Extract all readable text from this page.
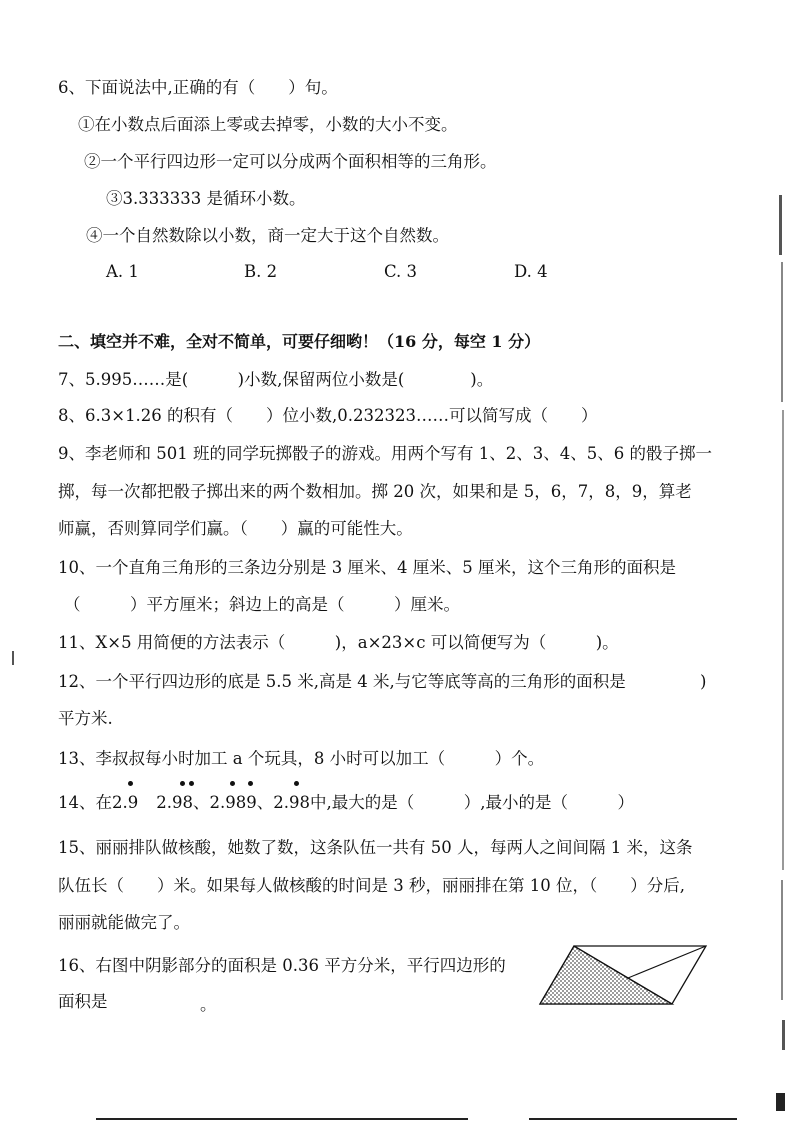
6、下面说法中,正确的有（　　）句。
①在小数点后面添上零或去掉零，小数的大小不变。
②一个平行四边形一定可以分成两个面积相等的三角形。
③3.333333 是循环小数。
④一个自然数除以小数，商一定大于这个自然数。
A. 1	B. 2	C. 3	D. 4
二、填空并不难，全对不简单，可要仔细哟！（16 分，每空 1 分）
7、5.995……是(　　　)小数,保留两位小数是(　　　　)。
8、6.3×1.26 的积有（　　）位小数,0.232323……可以简写成（　　）
9、李老师和 501 班的同学玩掷骰子的游戏。用两个写有 1、2、3、4、5、6 的骰子掷一
掷，每一次都把骰子掷出来的两个数相加。掷 20 次，如果和是 5，6，7，8，9，算老
师赢，否则算同学们赢。（　　）赢的可能性大。
10、一个直角三角形的三条边分别是 3 厘米、4 厘米、5 厘米，这个三角形的面积是
（　　　）平方厘米；斜边上的高是（　　　）厘米。
11、X×5 用简便的方法表示（　　　)，a×23×c 可以简便写为（　　　)。
12、一个平行四边形的底是 5.5 米,高是 4 米,与它等底等高的三角形的面积是	)
平方米.
13、李叔叔每小时加工 a 个玩具，8 小时可以加工（　　　）个。
14、在2.9 2.98、2.989、2.98中,最大的是（　　　）,最小的是（　　　）
15、丽丽排队做核酸，她数了数，这条队伍一共有 50 人，每两人之间间隔 1 米，这条
队伍长（　　）米。如果每人做核酸的时间是 3 秒，丽丽排在第 10 位，（　　）分后,
丽丽就能做完了。
16、右图中阴影部分的面积是 0.36 平方分米，平行四边形的
面积是	。
